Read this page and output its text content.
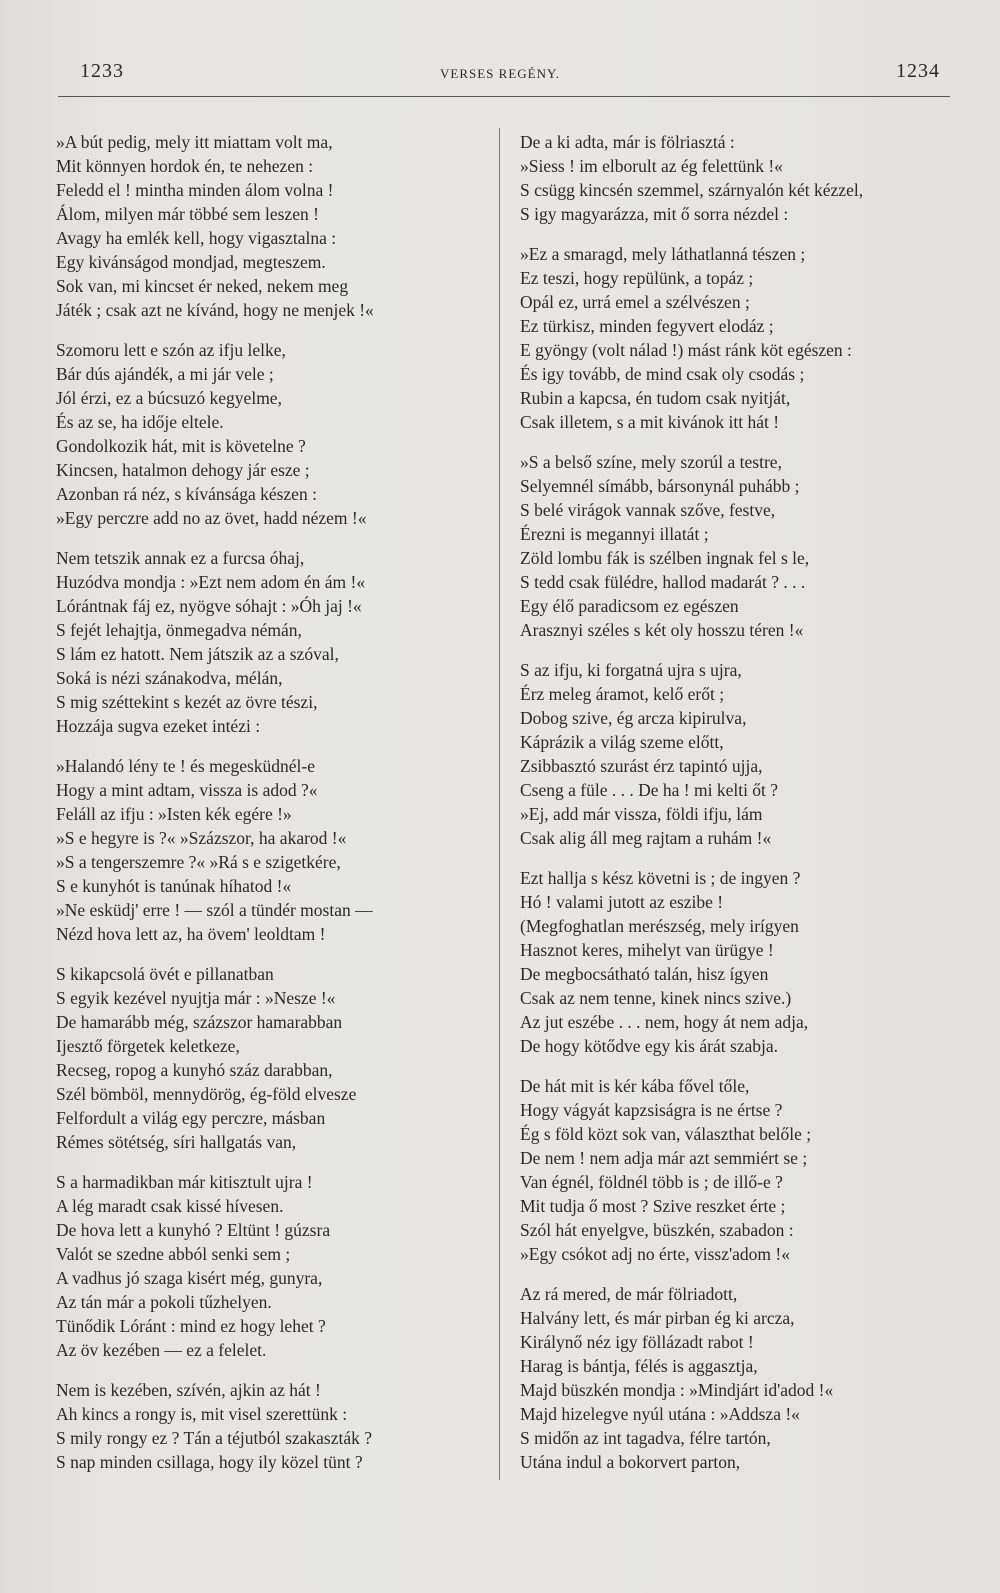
1233	VERSES REGÉNY.	1234
»A bút pedig, mely itt miattam volt ma,
Mit könnyen hordok én, te nehezen :
Feledd el ! mintha minden álom volna !
Álom, milyen már többé sem leszen !
Avagy ha emlék kell, hogy vigasztalna :
Egy kivánságod mondjad, megteszem.
Sok van, mi kincset ér neked, nekem meg
Játék ; csak azt ne kívánd, hogy ne menjek !«
Szomoru lett e szón az ifju lelke,
Bár dús ajándék, a mi jár vele ;
Jól érzi, ez a búcsuzó kegyelme,
És az se, ha idője eltele.
Gondolkozik hát, mit is követelne ?
Kincsen, hatalmon dehogy jár esze ;
Azonban rá néz, s kívánsága készen :
»Egy perczre add no az övet, hadd nézem !«
Nem tetszik annak ez a furcsa óhaj,
Huzódva mondja : »Ezt nem adom én ám !«
Lórántnak fáj ez, nyögve sóhajt : »Óh jaj !«
S fejét lehajtja, önmegadva némán,
S lám ez hatott. Nem játszik az a szóval,
Soká is nézi szánakodva, mélán,
S mig széttekint s kezét az övre tészi,
Hozzája sugva ezeket intézi :
»Halandó lény te ! és megesküdnél-e
Hogy a mint adtam, vissza is adod ?«
Feláll az ifju : »Isten kék egére !»
»S e hegyre is ?« »Százszor, ha akarod !«
»S a tengerszemre ?« »Rá s e szigetkére,
S e kunyhót is tanúnak híhatod !«
»Ne esküdj' erre ! — szól a tündér mostan —
Nézd hova lett az, ha övem' leoldtam !
S kikapcsolá övét e pillanatban
S egyik kezével nyujtja már : »Nesze !«
De hamarább még, százszor hamarabban
Ijesztő förgetek keletkeze,
Recseg, ropog a kunyhó száz darabban,
Szél bömböl, mennydörög, ég-föld elvesze
Felfordult a világ egy perczre, másban
Rémes sötétség, síri hallgatás van,
S a harmadikban már kitisztult ujra !
A lég maradt csak kissé hívesen.
De hova lett a kunyhó ? Eltünt ! gúzsra
Valót se szedne abból senki sem ;
A vadhus jó szaga kisért még, gunyra,
Az tán már a pokoli tűzhelyen.
Tünődik Lóránt : mind ez hogy lehet ?
Az öv kezében — ez a felelet.
Nem is kezében, szívén, ajkin az hát !
Ah kincs a rongy is, mit visel szerettünk :
S mily rongy ez ? Tán a téjutból szakaszták ?
S nap minden csillaga, hogy ily közel tünt ?
De a ki adta, már is fölriasztá :
»Siess ! im elborult az ég felettünk !«
S csügg kincsén szemmel, szárnyalón két kézzel,
S igy magyarázza, mit ő sorra nézdel :
»Ez a smaragd, mely láthatlanná tészen ;
Ez teszi, hogy repülünk, a topáz ;
Opál ez, urrá emel a szélvészen ;
Ez türkisz, minden fegyvert elodáz ;
E gyöngy (volt nálad !) mást ránk köt egészen :
És igy tovább, de mind csak oly csodás ;
Rubin a kapcsa, én tudom csak nyitját,
Csak illetem, s a mit kivánok itt hát !
»S a belső színe, mely szorúl a testre,
Selyemnél símább, bársonynál puhább ;
S belé virágok vannak szőve, festve,
Érezni is megannyi illatát ;
Zöld lombu fák is szélben ingnak fel s le,
S tedd csak fülédre, hallod madarát ? . . .
Egy élő paradicsom ez egészen
Arasznyi széles s két oly hosszu téren !«
S az ifju, ki forgatná ujra s ujra,
Érz meleg áramot, kelő erőt ;
Dobog szive, ég arcza kipirulva,
Káprázik a világ szeme előtt,
Zsibbasztó szurást érz tapintó ujja,
Cseng a füle . . . De ha ! mi kelti őt ?
»Ej, add már vissza, földi ifju, lám
Csak alig áll meg rajtam a ruhám !«
Ezt hallja s kész követni is ; de ingyen ?
Hó ! valami jutott az eszibe !
(Megfoghatlan merészség, mely irígyen
Hasznot keres, mihelyt van ürügye !
De megbocsátható talán, hisz ígyen
Csak az nem tenne, kinek nincs szive.)
Az jut eszébe . . . nem, hogy át nem adja,
De hogy kötődve egy kis árát szabja.
De hát mit is kér kába fővel tőle,
Hogy vágyát kapzsiságra is ne értse ?
Ég s föld közt sok van, választhat belőle ;
De nem ! nem adja már azt semmiért se ;
Van égnél, földnél több is ; de illő-e ?
Mit tudja ő most ? Szive reszket érte ;
Szól hát enyelgve, büszkén, szabadon :
»Egy csókot adj no érte, vissz'adom !«
Az rá mered, de már fölriadott,
Halvány lett, és már pirban ég ki arcza,
Királynő néz igy föllázadt rabot !
Harag is bántja, félés is aggasztja,
Majd büszkén mondja : »Mindjárt id'adod !«
Majd hizelegve nyúl utána : »Addsza !«
S midőn az int tagadva, félre tartón,
Utána indul a bokorvert parton,
